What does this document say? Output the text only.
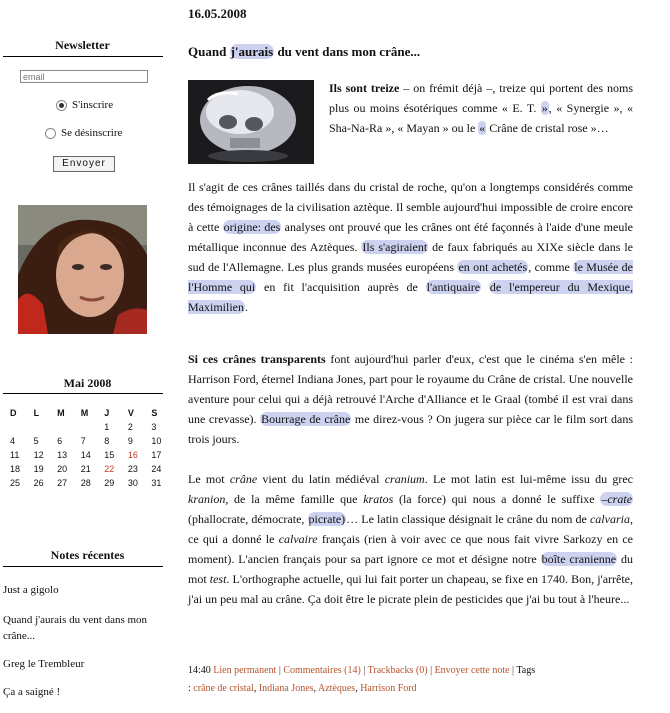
Newsletter
email
S'inscrire
Se désinscrire
Envoyer
Mai 2008
D	L	M	M	J	V	S
				1	2	3
4	5	6	7	8	9	10
11	12	13	14	15	16	17
18	19	20	21	22	23	24
25	26	27	28	29	30	31
Notes récentes
Just a gigolo
Quand j'aurais du vent dans mon crâne...
Greg le Trembleur
Ça a saigné !
16.05.2008
Quand j'aurais du vent dans mon crâne...
Ils sont treize – on frémit déjà –, treize qui portent des noms plus ou moins ésotériques comme « E. T. », « Synergie », « Sha-Na-Ra », « Mayan » ou le « Crâne de cristal rose »…
Il s'agit de ces crânes taillés dans du cristal de roche, qu'on a longtemps considérés comme des témoignages de la civilisation aztèque. Il semble aujourd'hui impossible de croire encore à cette origine: des analyses ont prouvé que les crânes ont été façonnés à l'aide d'une meule métallique inconnue des Aztèques. Ils s'agiraient de faux fabriqués au XIXe siècle dans le sud de l'Allemagne. Les plus grands musées européens en ont achetés, comme le Musée de l'Homme qui en fit l'acquisition auprès de l'antiquaire de l'empereur du Mexique, Maximilien.
Si ces crânes transparents font aujourd'hui parler d'eux, c'est que le cinéma s'en mêle : Harrison Ford, éternel Indiana Jones, part pour le royaume du Crâne de cristal. Une nouvelle aventure pour celui qui a déjà retrouvé l'Arche d'Alliance et le Graal (tombé il est vrai dans une crevasse). Bourrage de crâne me direz-vous ? On jugera sur pièce car le film sort dans trois jours.
Le mot crâne vient du latin médiéval cranium. Le mot latin est lui-même issu du grec kranion, de la même famille que kratos (la force) qui nous a donné le suffixe –crate (phallocrate, démocrate, picrate)… Le latin classique désignait le crâne du nom de calvaria, ce qui a donné le calvaire français (rien à voir avec ce que nous fait vivre Sarkozy en ce moment). L'ancien français pour sa part ignore ce mot et désigne notre boîte cranienne du mot test. L'orthographe actuelle, qui lui fait porter un chapeau, se fixe en 1740. Bon, j'arrête, j'ai un peu mal au crâne. Ça doit être le picrate plein de pesticides que j'ai bu tout à l'heure...
14:40 Lien permanent | Commentaires (14) | Trackbacks (0) | Envoyer cette note | Tags
: crâne de cristal, Indiana Jones, Aztèques, Harrison Ford
